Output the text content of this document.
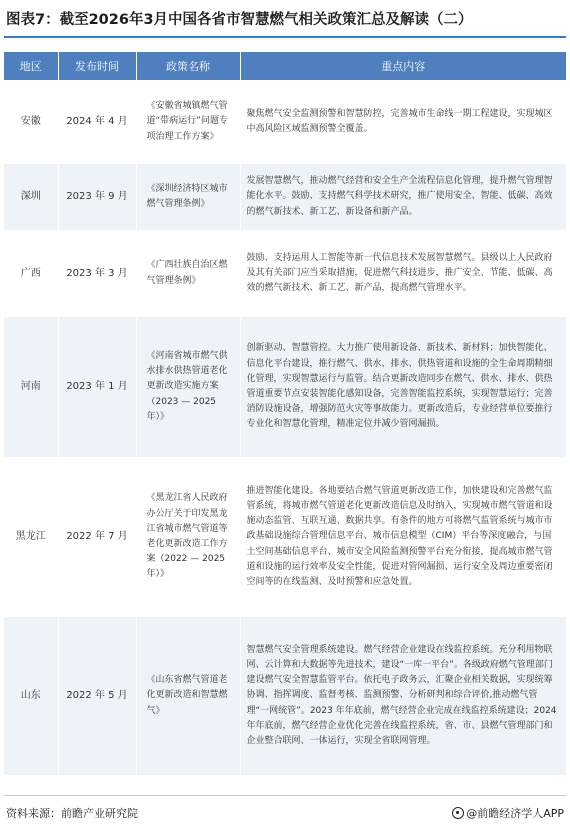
图表7：截至2026年3月中国各省市智慧燃气相关政策汇总及解读（二）
地区	发布时间	政策名称	重点内容
安徽	2024 年 4 月	《安徽省城镇燃气管道“带病运行”问题专项治理工作方案》	聚焦燃气安全监测预警和智慧防控，完善城市生命线一期工程建设，实现城区中高风险区域监测预警全覆盖。
深圳	2023 年 9 月	《深圳经济特区城市燃气管理条例》	发展智慧燃气，推动燃气经营和安全生产全流程信息化管理，提升燃气管理智能化水平。鼓励、支持燃气科学技术研究，推广使用安全、智能、低碳、高效的燃气新技术、新工艺、新设备和新产品。
广西	2023 年 3 月	《广西壮族自治区燃气管理条例》	鼓励、支持运用人工智能等新一代信息技术发展智慧燃气。县级以上人民政府及其有关部门应当采取措施，促进燃气科技进步，推广安全、节能、低碳、高效的燃气新技术、新工艺、新产品，提高燃气管理水平。
河南	2023 年 1 月	《河南省城市燃气供水排水供热管道老化更新改造实施方案（2023 — 2025 年）》	创新驱动、智慧管控。大力推广使用新设备、新技术、新材料；加快智能化、信息化平台建设，推行燃气、供水、排水、供热管道和设施的全生命周期精细化管理，实现智慧运行与监管。结合更新改造同步在燃气、供水、排水、供热管道重要节点安装智能化感知设备，完善智能监控系统，实现智慧运行；完善消防设施设备，增强防范火灾等事故能力。更新改造后，专业经营单位要推行专业化和智慧化管理，精准定位并减少管网漏损。
黑龙江	2022 年 7 月	《黑龙江省人民政府办公厅关于印发黑龙江省城市燃气管道等老化更新改造工作方案（2022 — 2025 年）》	推进智能化建设。各地要结合燃气管道更新改造工作，加快建设和完善燃气监管系统，将城市燃气管道老化更新改造信息及时纳入，实现城市燃气管道和设施动态监管、互联互通、数据共享。有条件的地方可将燃气监管系统与城市市政基础设施综合管理信息平台、城市信息模型（CIM）平台等深度融合，与国土空间基础信息平台、城市安全风险监测预警平台充分衔接，提高城市燃气管道和设施的运行效率及安全性能，促进对管网漏损、运行安全及周边重要密闭空间等的在线监测、及时预警和应急处置。
山东	2022 年 5 月	《山东省燃气管道老化更新改造和智慧燃气》	智慧燃气安全管理系统建设。燃气经营企业建设在线监控系统。充分利用物联网、云计算和大数据等先进技术，建设“一库一平台”。各级政府燃气管理部门建设燃气安全智慧监管平台。依托电子政务云，汇聚企业相关数据，实现统筹协调、指挥调度、监督考核、监测预警、分析研判和综合评价,推动燃气管理“一网统管”。2023 年年底前，燃气经营企业完成在线监控系统建设；2024 年年底前，燃气经营企业优化完善在线监控系统，省、市、县燃气管理部门和企业整合联网、一体运行，实现全省联网管理。
资料来源：前瞻产业研究院	@前瞻经济学人APP
